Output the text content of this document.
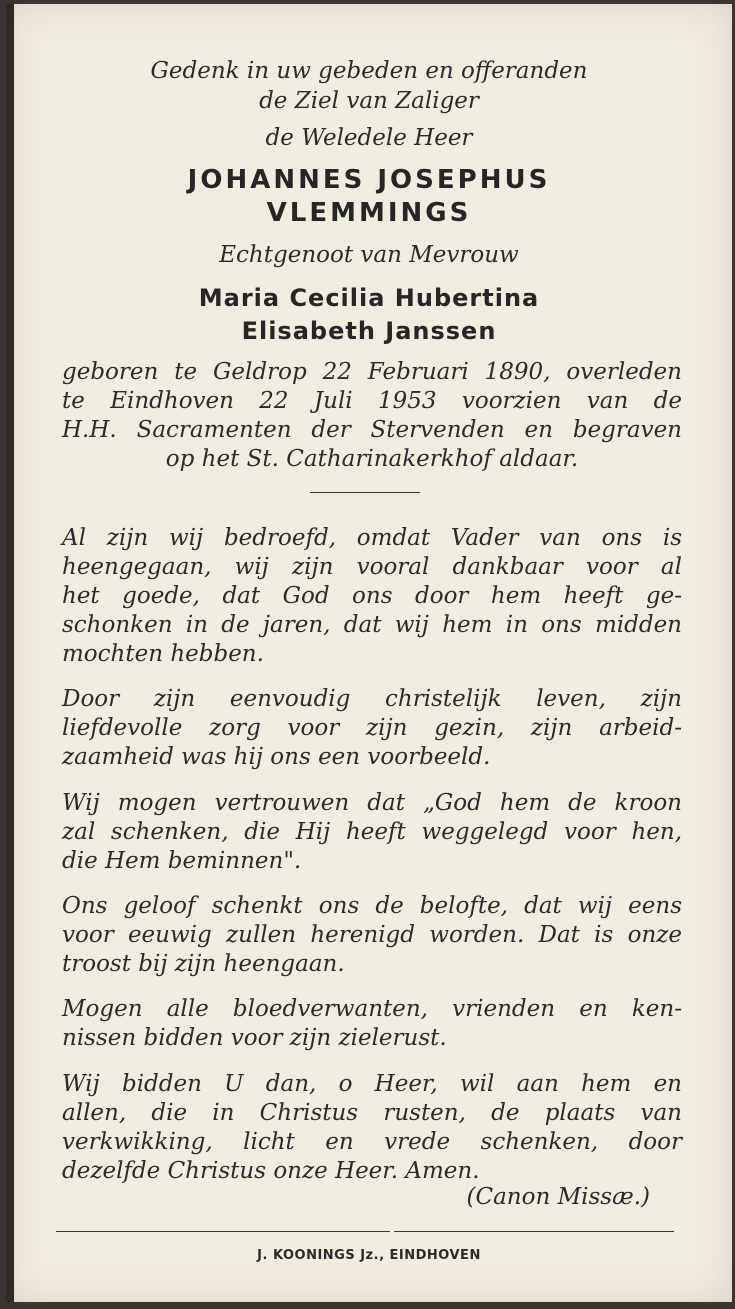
Gedenk in uw gebeden en offeranden
de Ziel van Zaliger
de Weledele Heer
JOHANNES JOSEPHUS
VLEMMINGS
Echtgenoot van Mevrouw
Maria Cecilia Hubertina
Elisabeth Janssen
geboren te Geldrop 22 Februari 1890, overleden
te Eindhoven 22 Juli 1953 voorzien van de
H.H. Sacramenten der Stervenden en begraven
op het St. Catharinakerkhof aldaar.
Al zijn wij bedroefd, omdat Vader van ons is
heengegaan, wij zijn vooral dankbaar voor al
het goede, dat God ons door hem heeft ge-
schonken in de jaren, dat wij hem in ons midden
mochten hebben.
Door zijn eenvoudig christelijk leven, zijn
liefdevolle zorg voor zijn gezin, zijn arbeid-
zaamheid was hij ons een voorbeeld.
Wij mogen vertrouwen dat „God hem de kroon
zal schenken, die Hij heeft weggelegd voor hen,
die Hem beminnen".
Ons geloof schenkt ons de belofte, dat wij eens
voor eeuwig zullen herenigd worden. Dat is onze
troost bij zijn heengaan.
Mogen alle bloedverwanten, vrienden en ken-
nissen bidden voor zijn zielerust.
Wij bidden U dan, o Heer, wil aan hem en
allen, die in Christus rusten, de plaats van
verkwikking, licht en vrede schenken, door
dezelfde Christus onze Heer. Amen.
(Canon Missæ.)
J. KOONINGS Jz., EINDHOVEN
